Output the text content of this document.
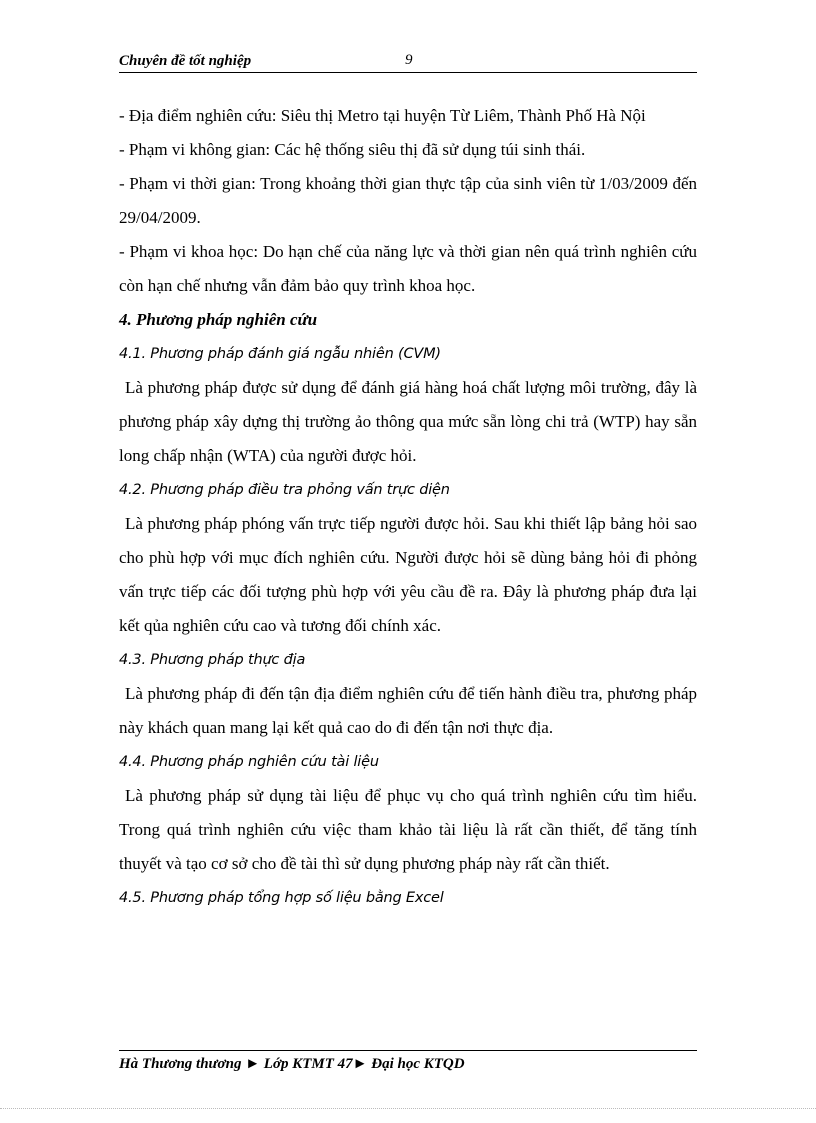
Chuyên đề tốt nghiệp	9

- Địa điểm nghiên cứu: Siêu thị Metro tại huyện Từ Liêm, Thành Phố Hà Nội

- Phạm vi không gian: Các hệ thống siêu thị đã sử dụng túi sinh thái.

- Phạm vi thời gian: Trong khoảng thời gian thực tập của sinh viên từ 1/03/2009 đến 29/04/2009.

- Phạm vi khoa học: Do hạn chế của năng lực và thời gian nên quá trình nghiên cứu còn hạn chế nhưng vẫn đảm bảo quy trình khoa học.

4. Phương pháp nghiên cứu

4.1. Phương pháp đánh giá ngẫu nhiên (CVM)

Là phương pháp được sử dụng để đánh giá hàng hoá chất lượng môi trường, đây là phương pháp xây dựng thị trường ảo thông qua mức sẵn lòng chi trả (WTP) hay sẵn long chấp nhận (WTA) của người được hỏi.

4.2. Phương pháp điều tra phỏng vấn trực diện

Là phương pháp phóng vấn trực tiếp người được hỏi. Sau khi thiết lập bảng hỏi sao cho phù hợp với mục đích nghiên cứu. Người được hỏi sẽ dùng bảng hỏi đi phỏng vấn trực tiếp các đối tượng phù hợp với yêu cầu đề ra. Đây là phương pháp đưa lại kết qủa nghiên cứu cao và tương đối chính xác.

4.3. Phương pháp thực địa

Là phương pháp đi đến tận địa điểm nghiên cứu để tiến hành điều tra, phương pháp này khách quan mang lại kết quả cao do đi đến tận nơi thực địa.

4.4. Phương pháp nghiên cứu tài liệu

Là phương pháp sử dụng tài liệu để phục vụ cho quá trình nghiên cứu tìm hiểu. Trong quá trình nghiên cứu việc tham khảo tài liệu là rất cần thiết, để tăng tính thuyết và tạo cơ sở cho đề tài thì sử dụng phương pháp này rất cần thiết.

4.5. Phương pháp tổng hợp số liệu bằng Excel

Hà Thương thương ► Lớp KTMT 47► Đại học KTQD
